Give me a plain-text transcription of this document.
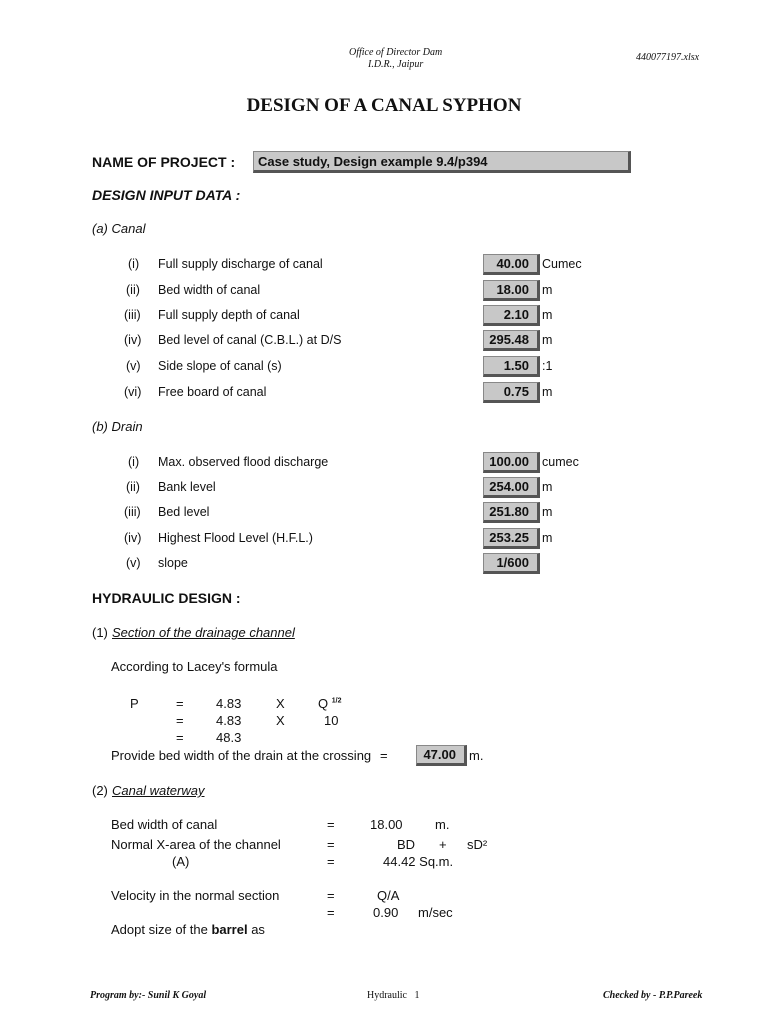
Office of Director Dam
I.D.R., Jaipur
440077197.xlsx
DESIGN OF A CANAL SYPHON
NAME OF PROJECT :	Case study, Design example 9.4/p394
DESIGN INPUT DATA :
(a) Canal
(i) Full supply discharge of canal	40.00	Cumec
(ii) Bed width of canal	18.00	m
(iii) Full supply depth of canal	2.10	m
(iv) Bed level of canal (C.B.L.) at D/S	295.48	m
(v) Side slope of canal (s)	1.50	:1
(vi) Free board of canal	0.75	m
(b) Drain
(i) Max. observed flood discharge	100.00	cumec
(ii) Bank level	254.00	m
(iii) Bed level	251.80	m
(iv) Highest Flood Level (H.F.L.)	253.25	m
(v) slope	1/600
HYDRAULIC DESIGN :
(1) Section of the drainage channel
According to Lacey's formula
P	= 4.83	X	Q $^{1/2}$
= 4.83	X	10
= 48.3
Provide bed width of the drain at the crossing =	47.00	m.
(2) Canal waterway
Bed width of canal	=	18.00 m.
Normal X-area of the channel	=	BD + sD²
(A)	=	44.42 Sq.m.
Velocity in the normal section	=	Q/A
=	0.90 m/sec
Adopt size of the barrel as
Program by:- Sunil K Goyal	Hydraulic 1	Checked by - P.P.Pareek
